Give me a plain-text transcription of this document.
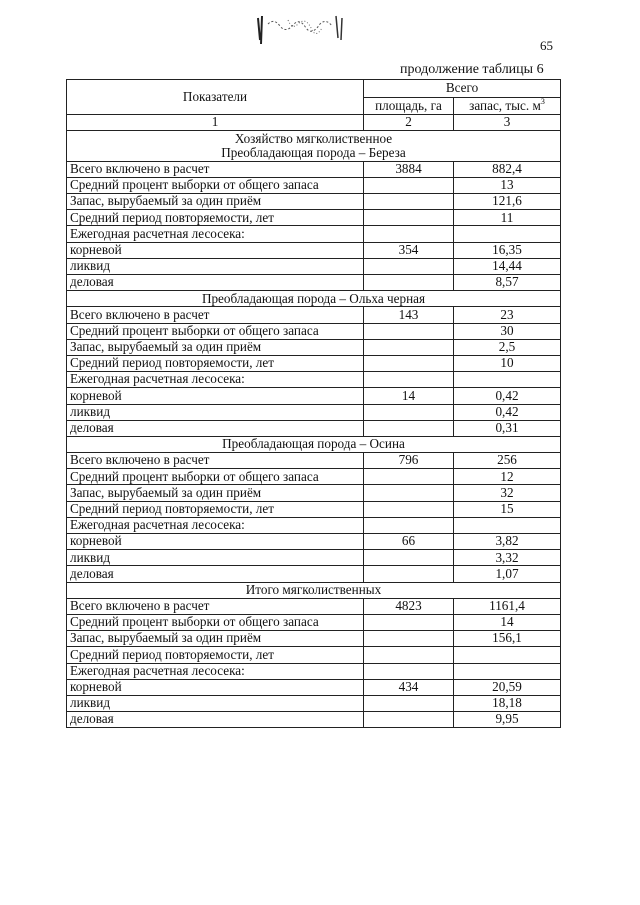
65
продолжение таблицы 6
Показатели	Всего	
	площадь, га	запас, тыс. $м^3$
1	2	3

Хозяйство мягколиственное
Преобладающая порода – Береза		

Всего включено в расчет	3884	882,4
Средний процент выборки от общего запаса		13
Запас, вырубаемый за один приём		121,6
Средний период повторяемости, лет		11
Ежегодная расчетная лесосека:		
корневой	354	16,35
ликвид		14,44
деловая		8,57

Преобладающая порода – Ольха черная		

Всего включено в расчет	143	23
Средний процент выборки от общего запаса		30
Запас, вырубаемый за один приём		2,5
Средний период повторяемости, лет		10
Ежегодная расчетная лесосека:		
корневой	14	0,42
ликвид		0,42
деловая		0,31

Преобладающая порода – Осина		

Всего включено в расчет	796	256
Средний процент выборки от общего запаса		12
Запас, вырубаемый за один приём		32
Средний период повторяемости, лет		15
Ежегодная расчетная лесосека:		
корневой	66	3,82
ликвид		3,32
деловая		1,07

Итого мягколиственных		

Всего включено в расчет	4823	1161,4
Средний процент выборки от общего запаса		14
Запас, вырубаемый за один приём		156,1
Средний период повторяемости, лет		
Ежегодная расчетная лесосека:		
корневой	434	20,59
ликвид		18,18
деловая		9,95
